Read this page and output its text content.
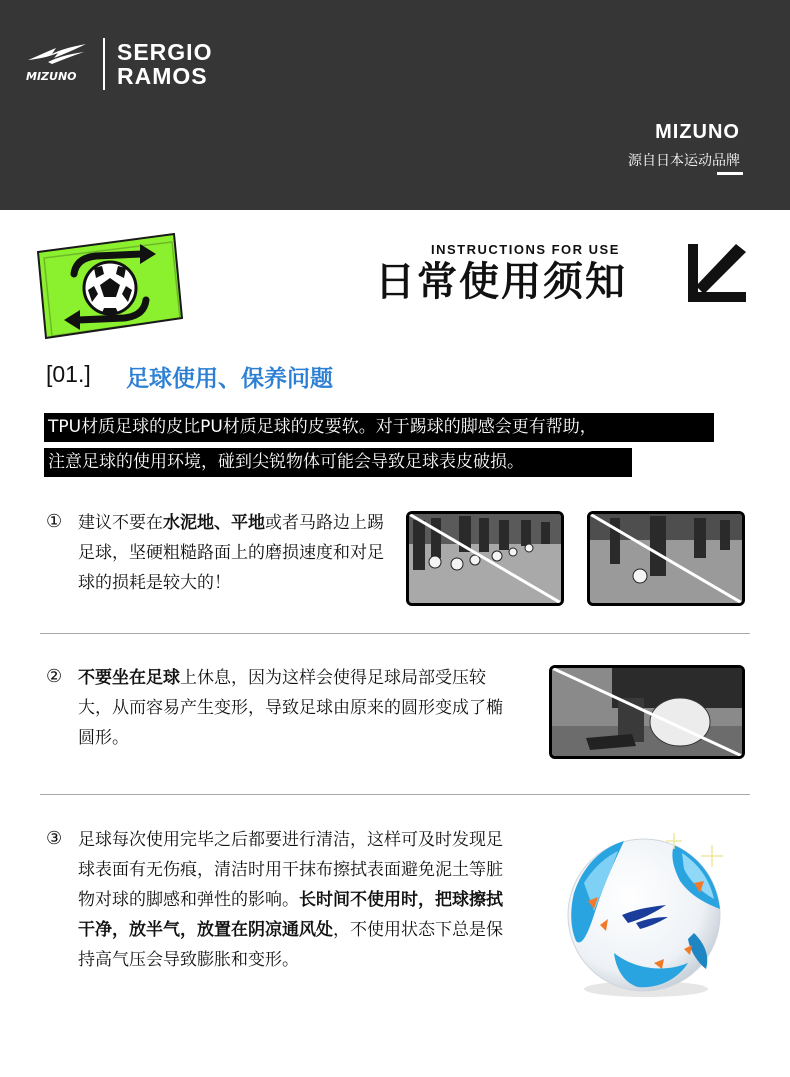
MIZUNO
SERGIO
RAMOS
MIZUNO
源自日本运动品牌
INSTRUCTIONS FOR USE
日常使用须知
[01.] 足球使用、保养问题
TPU材质足球的皮比PU材质足球的皮要软。对于踢球的脚感会更有帮助，
注意足球的使用环境，碰到尖锐物体可能会导致足球表皮破损。
① 建议不要在水泥地、平地或者马路边上踢足球，坚硬粗糙路面上的磨损速度和对足球的损耗是较大的！
② 不要坐在足球上休息，因为这样会使得足球局部受压较大，从而容易产生变形，导致足球由原来的圆形变成了椭圆形。
③ 足球每次使用完毕之后都要进行清洁，这样可及时发现足球表面有无伤痕，清洁时用干抹布擦拭表面避免泥土等脏物对球的脚感和弹性的影响。长时间不使用时，把球擦拭干净，放半气，放置在阴凉通风处，不使用状态下总是保持高气压会导致膨胀和变形。
